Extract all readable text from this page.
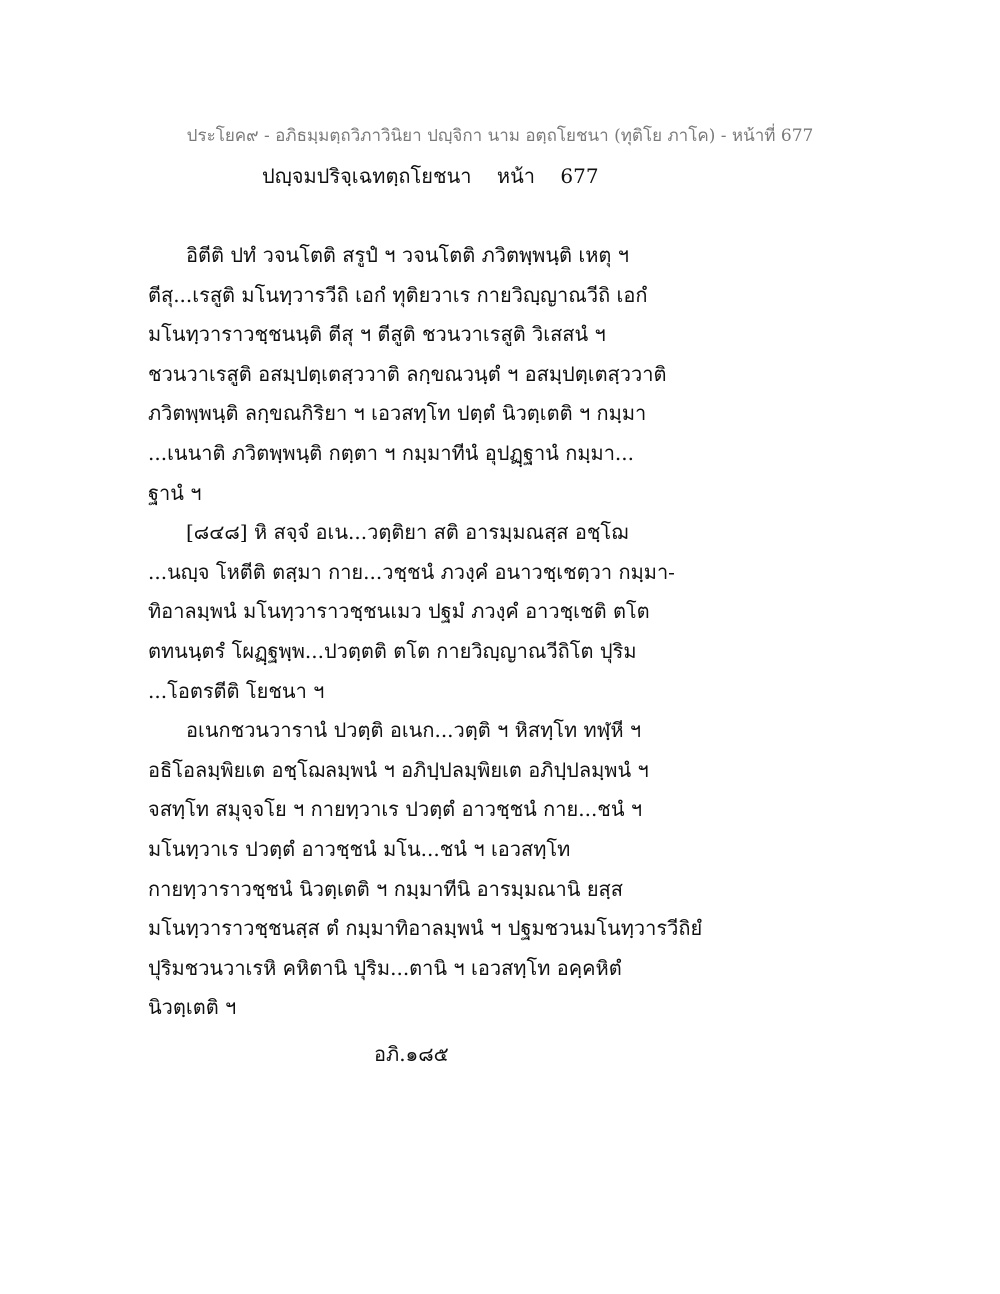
ประโยค๙ - อภิธมฺมตฺถวิภาวินิยา ปญฺจิกา นาม อตฺถโยชนา (ทุติโย ภาโค) - หน้าที่ 677
ปญฺจมปริจฺเฉทตฺถโยชนา    หน้า    677
อิตีติ ปทํ วจนโตติ สรูปํ ฯ วจนโตติ ภวิตพฺพนฺติ เหตุ ฯ
ตีสุ...เรสูติ มโนทฺวารวีถิ เอกํ ทุติยวาเร กายวิญฺญาณวีถิ เอกํ
มโนทฺวาราวชฺชนนฺติ ตีสุ ฯ ตีสูติ ชวนวาเรสูติ วิเสสนํ ฯ
ชวนวาเรสูติ อสมฺปตฺเตสฺววาติ ลกฺขณวนฺตํ ฯ อสมฺปตฺเตสฺววาติ
ภวิตพฺพนฺติ ลกฺขณกิริยา ฯ เอวสทฺโท ปตฺตํ นิวตฺเตติ ฯ กมฺมา
...เนนาติ ภวิตพฺพนฺติ กตฺตา ฯ กมฺมาทีนํ อุปฏฺฐานํ กมฺมา...
ฐานํ ฯ
[๘๔๘] หิ สจฺจํ อเน...วตฺติยา สติ อารมฺมณสฺส อชฺโฌ
...นญฺจ โหตีติ ตสฺมา กาย...วชฺชนํ ภวงฺคํ อนาวชฺเชตฺวา กมฺมา-
ทิอาลมฺพนํ มโนทฺวาราวชฺชนเมว ปฐมํ ภวงฺคํ อาวชฺเชติ ตโต
ตทนนฺตรํ โผฏฺฐพฺพ...ปวตฺตติ ตโต กายวิญฺญาณวีถิโต ปุริม
...โอตรตีติ โยชนา ฯ
อเนกชวนวารานํ ปวตฺติ อเนก...วตฺติ ฯ หิสทฺโท ทฬฺหี ฯ
อธิโอลมฺพิยเต อชฺโฌลมฺพนํ ฯ อภิปฺปลมฺพิยเต อภิปฺปลมฺพนํ ฯ
จสทฺโท สมุจฺจโย ฯ กายทฺวาเร ปวตฺตํ อาวชฺชนํ กาย...ชนํ ฯ
มโนทฺวาเร ปวตฺตํ อาวชฺชนํ มโน...ชนํ ฯ เอวสทฺโท
กายทฺวาราวชฺชนํ นิวตฺเตติ ฯ กมฺมาทีนิ อารมฺมณานิ ยสฺส
มโนทฺวาราวชฺชนสฺส ตํ กมฺมาทิอาลมฺพนํ ฯ ปฐมชวนมโนทฺวารวีถิยํ
ปุริมชวนวาเรหิ คหิตานิ ปุริม...ตานิ ฯ เอวสทฺโท อคฺคหิตํ
นิวตฺเตติ ฯ
อภิ.๑๘๕
